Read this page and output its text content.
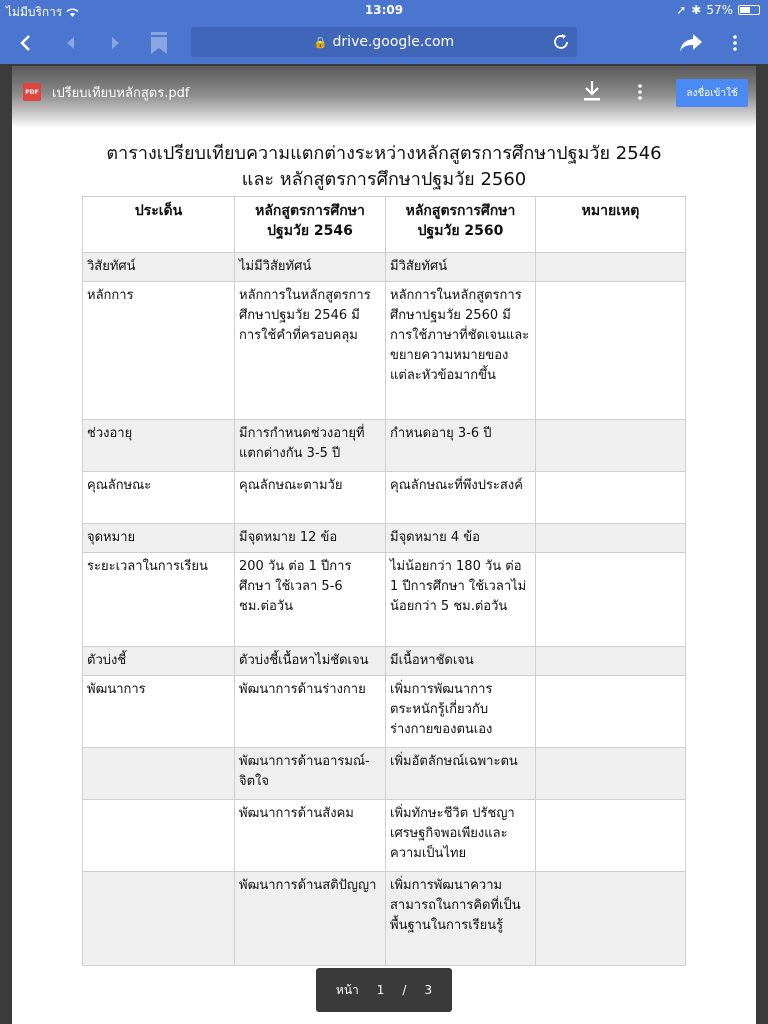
ไม่มีบริการ	13:09	➚ ✱ 57%
🔒 drive.google.com
PDF เปรียบเทียบหลักสูตร.pdf	ลงชื่อเข้าใช้
ตารางเปรียบเทียบความแตกต่างระหว่างหลักสูตรการศึกษาปฐมวัย 2546
และ หลักสูตรการศึกษาปฐมวัย 2560
ประเด็น	หลักสูตรการศึกษาปฐมวัย 2546	หลักสูตรการศึกษาปฐมวัย 2560	หมายเหตุ
วิสัยทัศน์	ไม่มีวิสัยทัศน์	มีวิสัยทัศน์	
หลักการ	หลักการในหลักสูตรการศึกษาปฐมวัย 2546 มีการใช้คำที่ครอบคลุม	หลักการในหลักสูตรการศึกษาปฐมวัย 2560 มีการใช้ภาษาที่ชัดเจนและขยายความหมายของแต่ละหัวข้อมากขึ้น	
ช่วงอายุ	มีการกำหนดช่วงอายุที่แตกต่างกัน 3-5 ปี	กำหนดอายุ 3-6 ปี	
คุณลักษณะ	คุณลักษณะตามวัย	คุณลักษณะที่พึงประสงค์	
จุดหมาย	มีจุดหมาย 12 ข้อ	มีจุดหมาย 4 ข้อ	
ระยะเวลาในการเรียน	200 วัน ต่อ 1 ปีการศึกษา ใช้เวลา 5-6 ชม.ต่อวัน	ไม่น้อยกว่า 180 วัน ต่อ 1 ปีการศึกษา ใช้เวลาไม่น้อยกว่า 5 ชม.ต่อวัน	
ตัวบ่งชี้	ตัวบ่งชี้เนื้อหาไม่ชัดเจน	มีเนื้อหาชัดเจน	
พัฒนาการ	พัฒนาการด้านร่างกาย	เพิ่มการพัฒนาการตระหนักรู้เกี่ยวกับร่างกายของตนเอง	
	พัฒนาการด้านอารมณ์-จิตใจ	เพิ่มอัตลักษณ์เฉพาะตน	
	พัฒนาการด้านสังคม	เพิ่มทักษะชีวิต ปรัชญาเศรษฐกิจพอเพียงและความเป็นไทย	
	พัฒนาการด้านสติปัญญา	เพิ่มการพัฒนาความสามารถในการคิดที่เป็นพื้นฐานในการเรียนรู้	
หน้า 1 / 3
